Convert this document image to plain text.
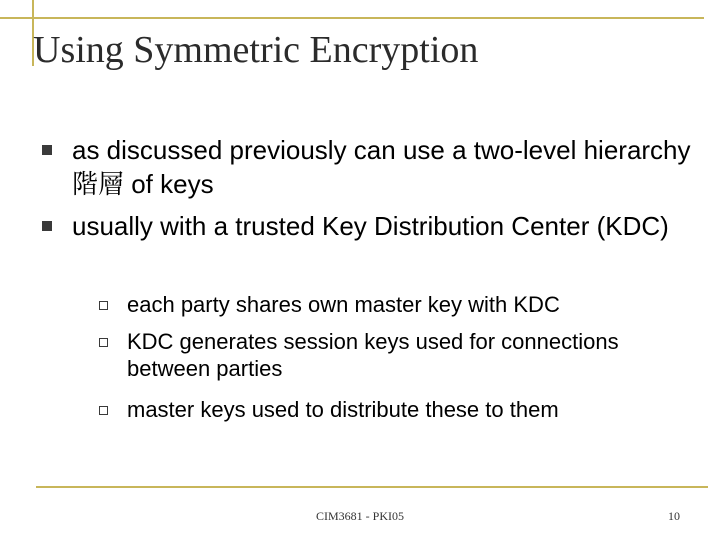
Using Symmetric Encryption
as discussed previously can use a two-level hierarchy 階層 of keys
usually with a trusted Key Distribution Center (KDC)
each party shares own master key with KDC
KDC generates session keys used for connections between parties
master keys used to distribute these to them
CIM3681 - PKI05	10
